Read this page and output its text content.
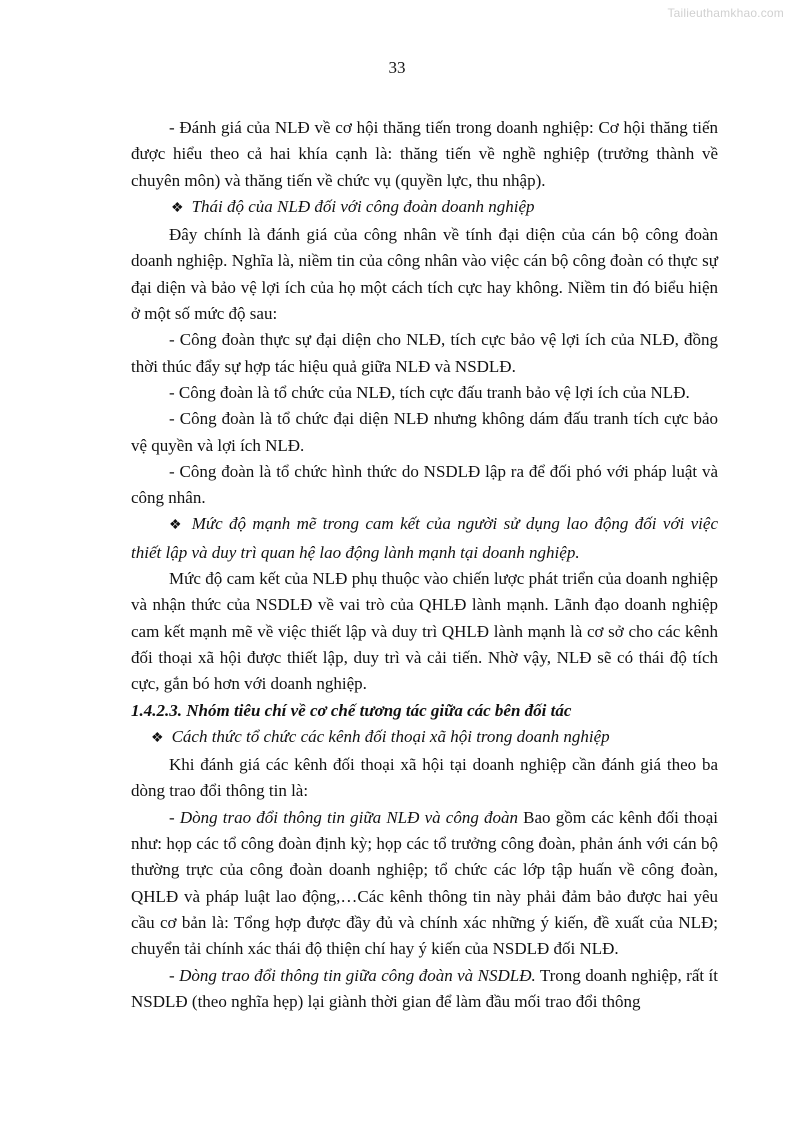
Tailieuthamkhao.com
33

- Đánh giá của NLĐ về cơ hội thăng tiến trong doanh nghiệp: Cơ hội thăng tiến được hiểu theo cả hai khía cạnh là: thăng tiến về nghề nghiệp (trưởng thành về chuyên môn) và thăng tiến về chức vụ (quyền lực, thu nhập).

❖ Thái độ của NLĐ đối với công đoàn doanh nghiệp

Đây chính là đánh giá của công nhân về tính đại diện của cán bộ công đoàn doanh nghiệp. Nghĩa là, niềm tin của công nhân vào việc cán bộ công đoàn có thực sự đại diện và bảo vệ lợi ích của họ một cách tích cực hay không. Niềm tin đó biểu hiện ở một số mức độ sau:

- Công đoàn thực sự đại diện cho NLĐ, tích cực bảo vệ lợi ích của NLĐ, đồng thời thúc đẩy sự hợp tác hiệu quả giữa NLĐ và NSDLĐ.

- Công đoàn là tổ chức của NLĐ, tích cực đấu tranh bảo vệ lợi ích của NLĐ.

- Công đoàn là tổ chức đại diện NLĐ nhưng không dám đấu tranh tích cực bảo vệ quyền và lợi ích NLĐ.

- Công đoàn là tổ chức hình thức do NSDLĐ lập ra để đối phó với pháp luật và công nhân.

❖ Mức độ mạnh mẽ trong cam kết của người sử dụng lao động đối với việc thiết lập và duy trì quan hệ lao động lành mạnh tại doanh nghiệp.

Mức độ cam kết của NLĐ phụ thuộc vào chiến lược phát triển của doanh nghiệp và nhận thức của NSDLĐ về vai trò của QHLĐ lành mạnh. Lãnh đạo doanh nghiệp cam kết mạnh mẽ về việc thiết lập và duy trì QHLĐ lành mạnh là cơ sở cho các kênh đối thoại xã hội được thiết lập, duy trì và cải tiến. Nhờ vậy, NLĐ sẽ có thái độ tích cực, gắn bó hơn với doanh nghiệp.

1.4.2.3. Nhóm tiêu chí về cơ chế tương tác giữa các bên đối tác

❖ Cách thức tổ chức các kênh đối thoại xã hội trong doanh nghiệp

Khi đánh giá các kênh đối thoại xã hội tại doanh nghiệp cần đánh giá theo ba dòng trao đổi thông tin là:

- Dòng trao đổi thông tin giữa NLĐ và công đoàn Bao gồm các kênh đối thoại như: họp các tổ công đoàn định kỳ; họp các tổ trưởng công đoàn, phản ánh với cán bộ thường trực của công đoàn doanh nghiệp; tổ chức các lớp tập huấn về công đoàn, QHLĐ và pháp luật lao động,…Các kênh thông tin này phải đảm bảo được hai yêu cầu cơ bản là: Tổng hợp được đầy đủ và chính xác những ý kiến, đề xuất của NLĐ; chuyển tải chính xác thái độ thiện chí hay ý kiến của NSDLĐ đối NLĐ.

- Dòng trao đổi thông tin giữa công đoàn và NSDLĐ. Trong doanh nghiệp, rất ít NSDLĐ (theo nghĩa hẹp) lại giành thời gian để làm đầu mối trao đổi thông
